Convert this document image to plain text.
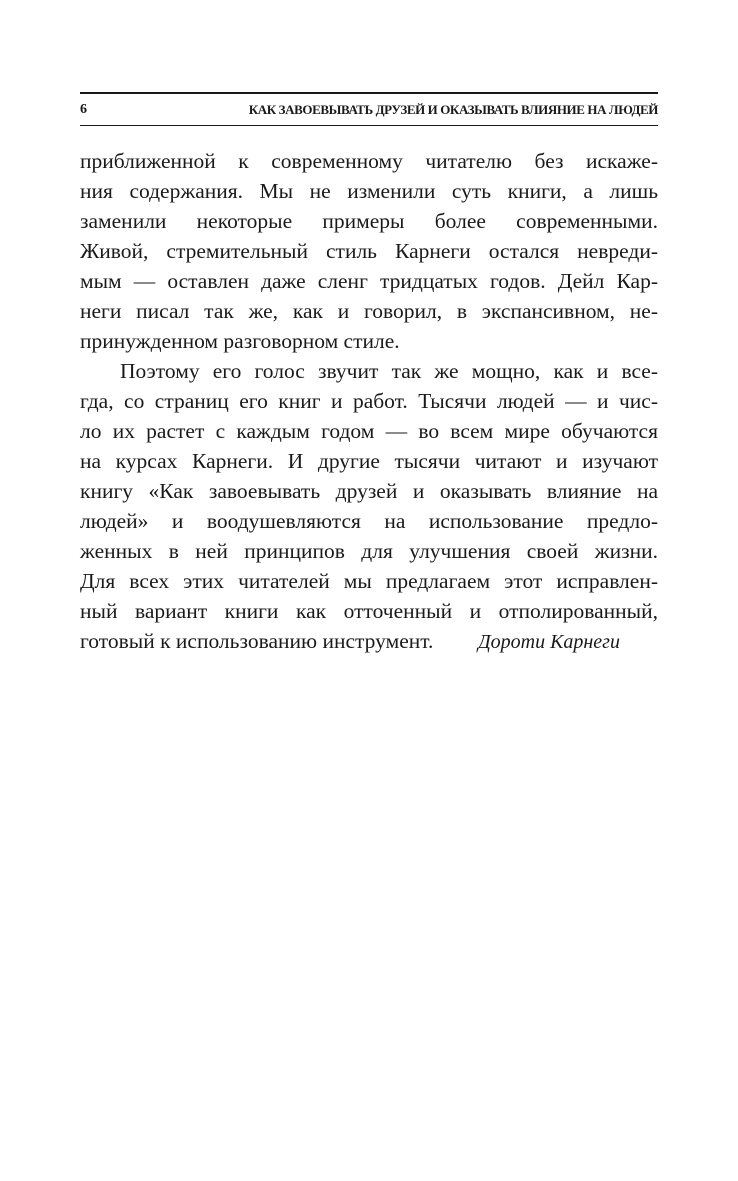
6	КАК ЗАВОЕВЫВАТЬ ДРУЗЕЙ И ОКАЗЫВАТЬ ВЛИЯНИЕ НА ЛЮДЕЙ
приближенной к современному читателю без искаже-
ния содержания. Мы не изменили суть книги, а лишь
заменили некоторые примеры более современными.
Живой, стремительный стиль Карнеги остался невреди-
мым — оставлен даже сленг тридцатых годов. Дейл Кар-
неги писал так же, как и говорил, в экспансивном, не-
принужденном разговорном стиле.
Поэтому его голос звучит так же мощно, как и все-
гда, со страниц его книг и работ. Тысячи людей — и чис-
ло их растет с каждым годом — во всем мире обучаются
на курсах Карнеги. И другие тысячи читают и изучают
книгу «Как завоевывать друзей и оказывать влияние на
людей» и воодушевляются на использование предло-
женных в ней принципов для улучшения своей жизни.
Для всех этих читателей мы предлагаем этот исправлен-
ный вариант книги как отточенный и отполированный,
готовый к использованию инструмент.	Дороти Карнеги
